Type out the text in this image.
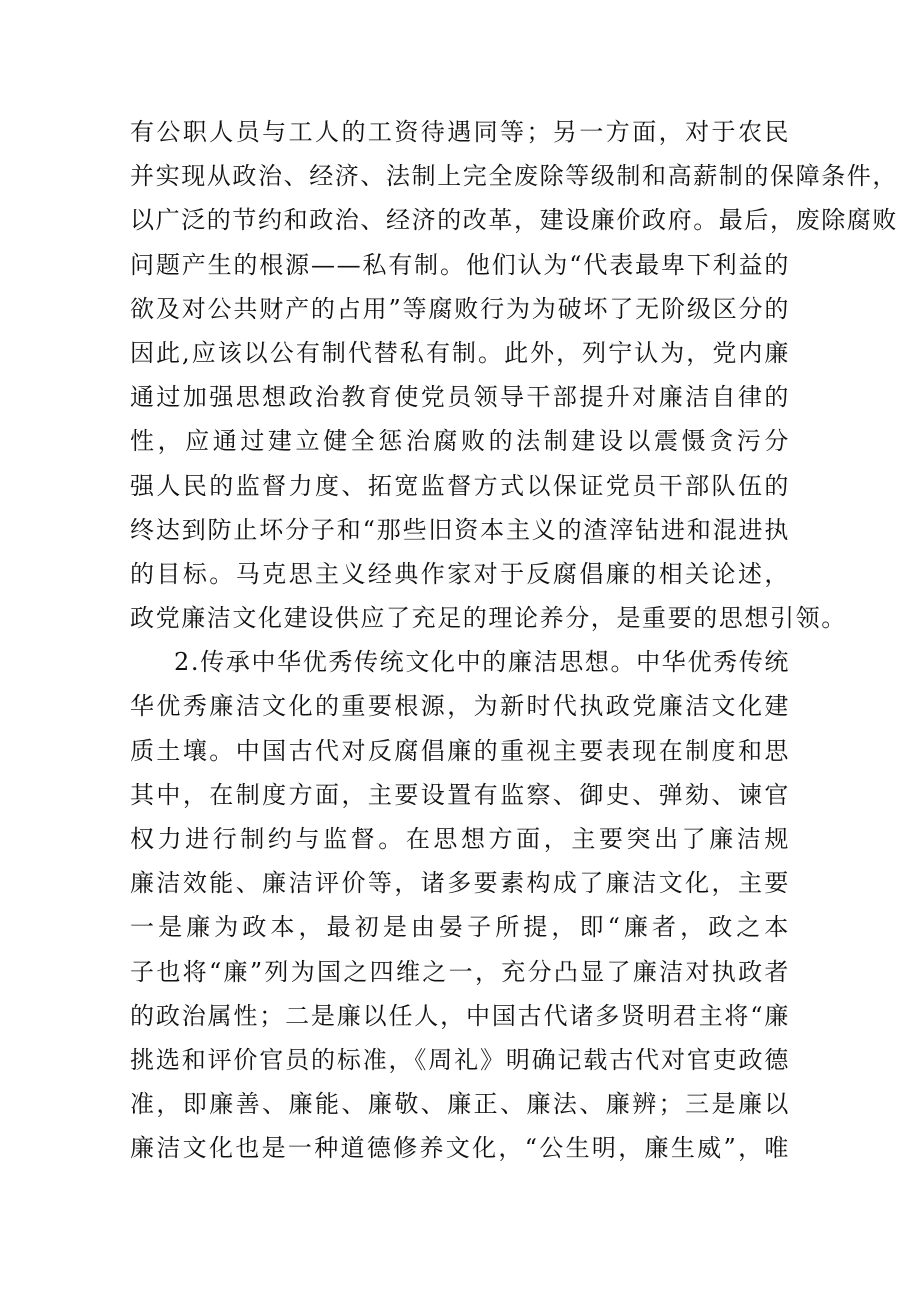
有公职人员与工人的工资待遇同等；另一方面，对于农民
并实现从政治、经济、法制上完全废除等级制和高薪制的保障条件，
以广泛的节约和政治、经济的改革，建设廉价政府。最后，废除腐败
问题产生的根源——私有制。他们认为“代表最卑下利益的
欲及对公共财产的占用”等腐败行为为破坏了无阶级区分的
因此,应该以公有制代替私有制。此外，列宁认为，党内廉
通过加强思想政治教育使党员领导干部提升对廉洁自律的
性，应通过建立健全惩治腐败的法制建设以震慑贪污分
强人民的监督力度、拓宽监督方式以保证党员干部队伍的
终达到防止坏分子和“那些旧资本主义的渣滓钻进和混进执
的目标。马克思主义经典作家对于反腐倡廉的相关论述，
政党廉洁文化建设供应了充足的理论养分，是重要的思想引领。
2.传承中华优秀传统文化中的廉洁思想。中华优秀传统
华优秀廉洁文化的重要根源，为新时代执政党廉洁文化建
质土壤。中国古代对反腐倡廉的重视主要表现在制度和思
其中，在制度方面，主要设置有监察、御史、弹劾、谏官
权力进行制约与监督。在思想方面，主要突出了廉洁规
廉洁效能、廉洁评价等，诸多要素构成了廉洁文化，主要
一是廉为政本，最初是由晏子所提，即“廉者，政之本
子也将“廉”列为国之四维之一，充分凸显了廉洁对执政者
的政治属性；二是廉以任人，中国古代诸多贤明君主将“廉
挑选和评价官员的标准，《周礼》明确记载古代对官吏政德
准，即廉善、廉能、廉敬、廉正、廉法、廉辨；三是廉以
廉洁文化也是一种道德修养文化，“公生明，廉生威”，唯
